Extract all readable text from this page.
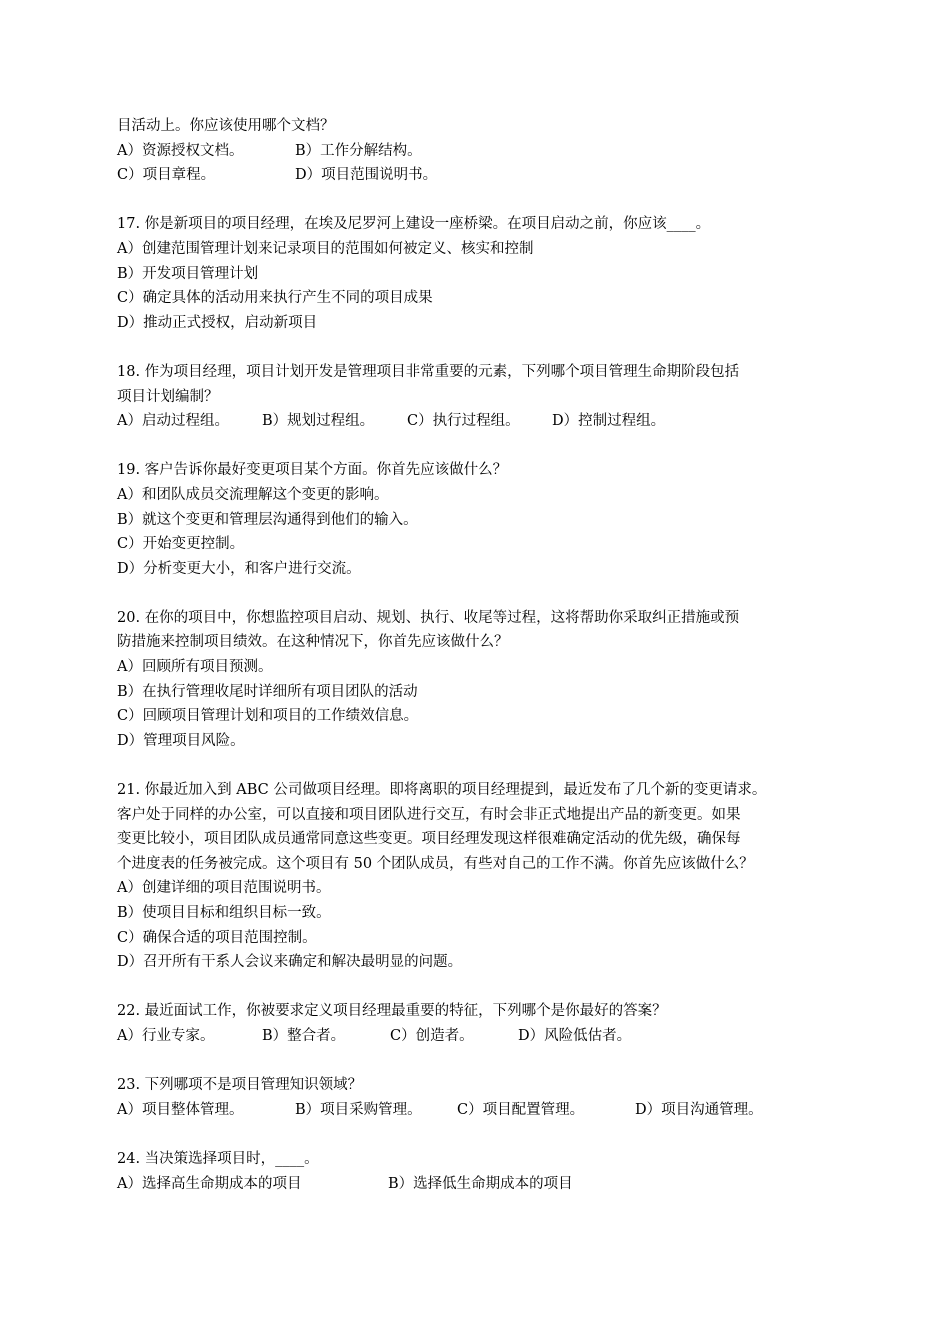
目活动上。你应该使用哪个文档？
A）资源授权文档。	B）工作分解结构。
C）项目章程。	D）项目范围说明书。
17. 你是新项目的项目经理，在埃及尼罗河上建设一座桥梁。在项目启动之前，你应该____。
A）创建范围管理计划来记录项目的范围如何被定义、核实和控制
B）开发项目管理计划
C）确定具体的活动用来执行产生不同的项目成果
D）推动正式授权，启动新项目
18. 作为项目经理，项目计划开发是管理项目非常重要的元素，下列哪个项目管理生命期阶段包括
项目计划编制？
A）启动过程组。 B）规划过程组。 C）执行过程组。 D）控制过程组。
19. 客户告诉你最好变更项目某个方面。你首先应该做什么？
A）和团队成员交流理解这个变更的影响。
B）就这个变更和管理层沟通得到他们的输入。
C）开始变更控制。
D）分析变更大小，和客户进行交流。
20. 在你的项目中，你想监控项目启动、规划、执行、收尾等过程，这将帮助你采取纠正措施或预
防措施来控制项目绩效。在这种情况下，你首先应该做什么？
A）回顾所有项目预测。
B）在执行管理收尾时详细所有项目团队的活动
C）回顾项目管理计划和项目的工作绩效信息。
D）管理项目风险。
21. 你最近加入到 ABC 公司做项目经理。即将离职的项目经理提到，最近发布了几个新的变更请求。
客户处于同样的办公室，可以直接和项目团队进行交互，有时会非正式地提出产品的新变更。如果
变更比较小，项目团队成员通常同意这些变更。项目经理发现这样很难确定活动的优先级，确保每
个进度表的任务被完成。这个项目有 50 个团队成员，有些对自己的工作不满。你首先应该做什么？
A）创建详细的项目范围说明书。
B）使项目目标和组织目标一致。
C）确保合适的项目范围控制。
D）召开所有干系人会议来确定和解决最明显的问题。
22. 最近面试工作，你被要求定义项目经理最重要的特征，下列哪个是你最好的答案？
A）行业专家。	B）整合者。	C）创造者。	D）风险低估者。
23. 下列哪项不是项目管理知识领域？
A）项目整体管理。	B）项目采购管理。 C）项目配置管理。	D）项目沟通管理。
24. 当决策选择项目时，____。
A）选择高生命期成本的项目	B）选择低生命期成本的项目
